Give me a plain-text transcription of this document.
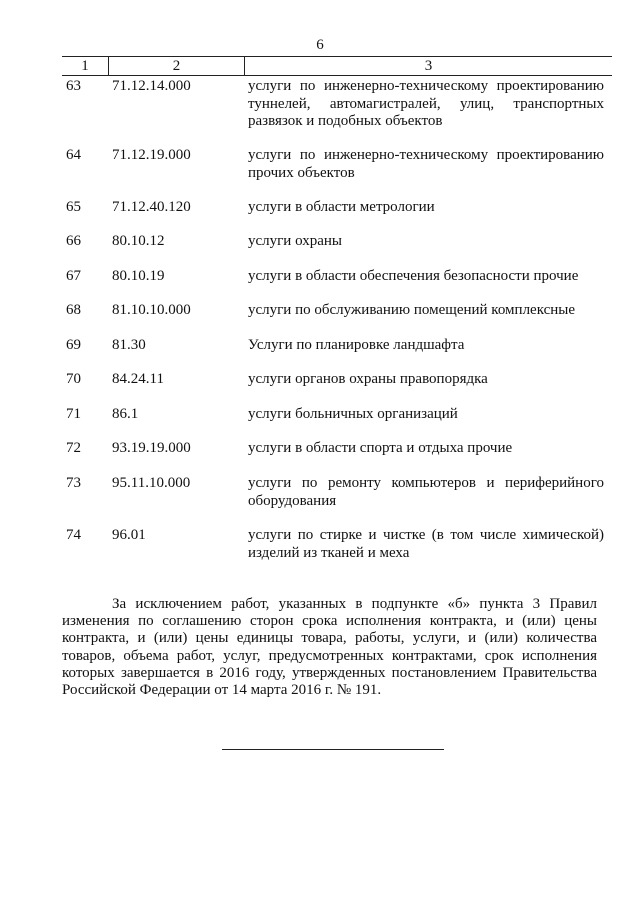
6
1	2	3
63	71.12.14.000	услуги по инженерно-техническому проектированию туннелей, автомагистралей, улиц, транспортных развязок и подобных объектов
64	71.12.19.000	услуги по инженерно-техническому проектированию прочих объектов
65	71.12.40.120	услуги в области метрологии
66	80.10.12	услуги охраны
67	80.10.19	услуги в области обеспечения безопасности прочие
68	81.10.10.000	услуги по обслуживанию помещений комплексные
69	81.30	Услуги по планировке ландшафта
70	84.24.11	услуги органов охраны правопорядка
71	86.1	услуги больничных организаций
72	93.19.19.000	услуги в области спорта и отдыха прочие
73	95.11.10.000	услуги по ремонту компьютеров и периферийного оборудования
74	96.01	услуги по стирке и чистке (в том числе химической) изделий из тканей и меха
За исключением работ, указанных в подпункте «б» пункта 3 Правил изменения по соглашению сторон срока исполнения контракта, и (или) цены контракта, и (или) цены единицы товара, работы, услуги, и (или) количества товаров, объема работ, услуг, предусмотренных контрактами, срок исполнения которых завершается в 2016 году, утвержденных постановлением Правительства Российской Федерации от 14 марта 2016 г. № 191.
